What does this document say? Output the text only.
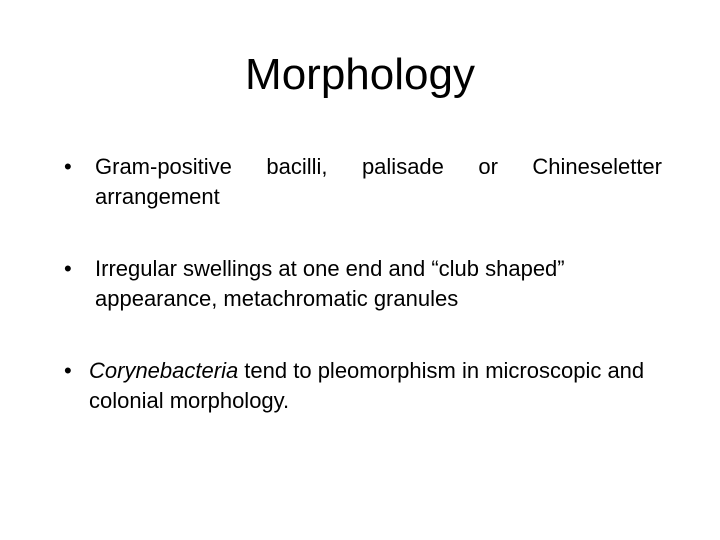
Morphology
• Gram-positive bacilli, palisade or Chineseletter arrangement
• Irregular swellings at one end and “club shaped” appearance, metachromatic granules
• Corynebacteria tend to pleomorphism in microscopic and colonial morphology.
